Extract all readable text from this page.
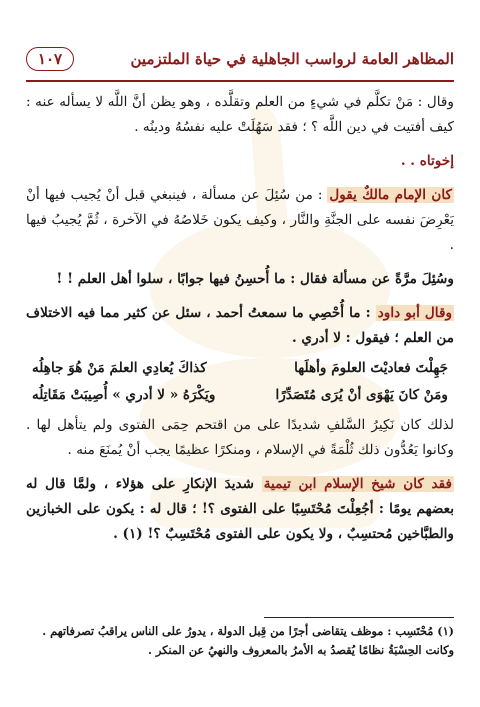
المظاهر العامة لرواسب الجاهلية في حياة الملتزمين
١٠٧

وقال : مَنْ تكلَّم في شيءٍ من العلم وتقلَّده ، وهو يظن أنَّ اللَّه لا يسأله عنه : كيف أفتيت في دين اللَّه ؟ ؛ فقد سَهُلَتْ عليه نفسُهُ ودينُه .

إخوتاه . .

كان الإمام مالكٌ يقول : من سُئِلَ عن مسألة ، فينبغي قبل أنْ يُجيب فيها أنْ يَعْرِضَ نفسه على الجنَّةِ والنَّار ، وكيف يكون خَلاصُهُ في الآخرة ، ثُمَّ يُجيبُ فيها .

وسُئِلَ مرَّةً عن مسألة فقال : ما أُحسِنُ فيها جوابًا ، سلوا أهل العلم ! !

وقال أبو داود : ما أُحْصِي ما سمعتُ أحمد ، سئل عن كثير مما فيه الاختلاف من العلم ؛ فيقول : لا أدري .

جَهِلْتَ فعاديْتَ العلومَ وأهلَها
كذاكَ يُعادِي العلمَ مَنْ هُوَ جاهِلُه
ومَنْ كانَ يَهْوَى أنْ يُرَى مُتَصَدِّرًا
ويَكْرَهُ « لا أدري » أُصِيبَتْ مَقَاتِلُه

لذلك كان نَكِيرُ السَّلفِ شديدًا على من اقتحم حِمَى الفتوى ولم يتأهل لها . وكانوا يَعُدُّون ذلك ثُلْمَةً في الإسلام ، ومنكرًا عظيمًا يجب أنْ يُمنَعَ منه .

فقد كان شيخ الإسلام ابن تيمية شديدَ الإنكارِ على هؤلاء ، ولمَّا قال له بعضهم يومًا : أجُعِلْتَ مُحْتَسِبًا على الفتوى ؟! ؛ قال له : يكون على الخبازين والطبَّاخين مُحتسِبٌ ، ولا يكون على الفتوى مُحْتَسِبٌ ؟! (١) .

(١) مُحْتَسِب : موظف يتقاضى أجرًا من قِبل الدولة ، يدورُ على الناس يراقبُ تصرفاتهم .

وكانت الحِسْبَةُ نظامًا يُقصدُ به الأمرُ بالمعروف والنهيُ عن المنكر .
